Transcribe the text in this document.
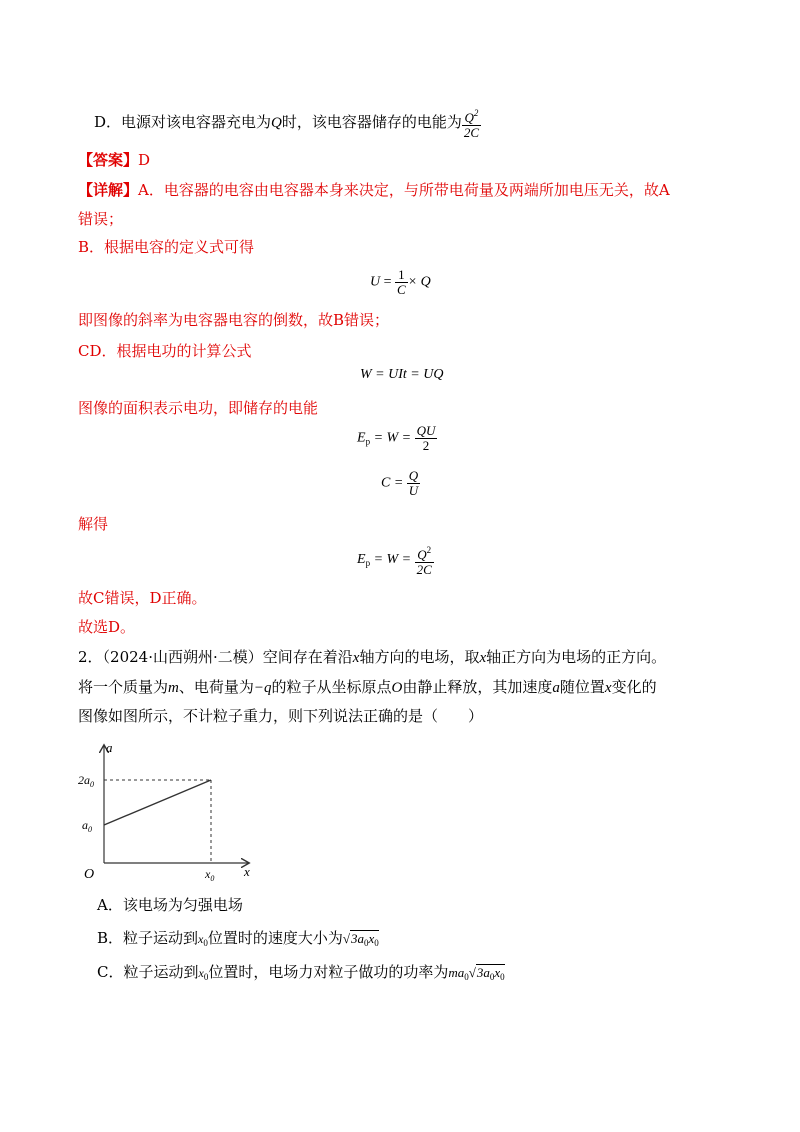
D．电源对该电容器充电为Q时，该电容器储存的电能为 $\frac{Q^2}{2C}$
【答案】D
【详解】A．电容器的电容由电容器本身来决定，与所带电荷量及两端所加电压无关，故A
错误；
B．根据电容的定义式可得
$U = \frac{1}{C} \times Q$
即图像的斜率为电容器电容的倒数，故B错误；
CD．根据电功的计算公式
W = UIt = UQ
图像的面积表示电功，即储存的电能
$E_p = W = \frac{QU}{2}$
$C = \frac{Q}{U}$
解得
$E_p = W = \frac{Q^2}{2C}$
故C错误，D正确。
故选D。
2．（2024·山西朔州·二模）空间存在着沿x轴方向的电场，取x轴正方向为电场的正方向。
将一个质量为m、电荷量为−q的粒子从坐标原点O由静止释放，其加速度a随位置x变化的
图像如图所示，不计粒子重力，则下列说法正确的是（　　）
a
x
O
$2a_0$
$a_0$
$x_0$
A．该电场为匀强电场
B．粒子运动到$x_0$位置时的速度大小为$√3a_0x_0$
C．粒子运动到$x_0$位置时，电场力对粒子做功的功率为$ma_0√3a_0x_0$
